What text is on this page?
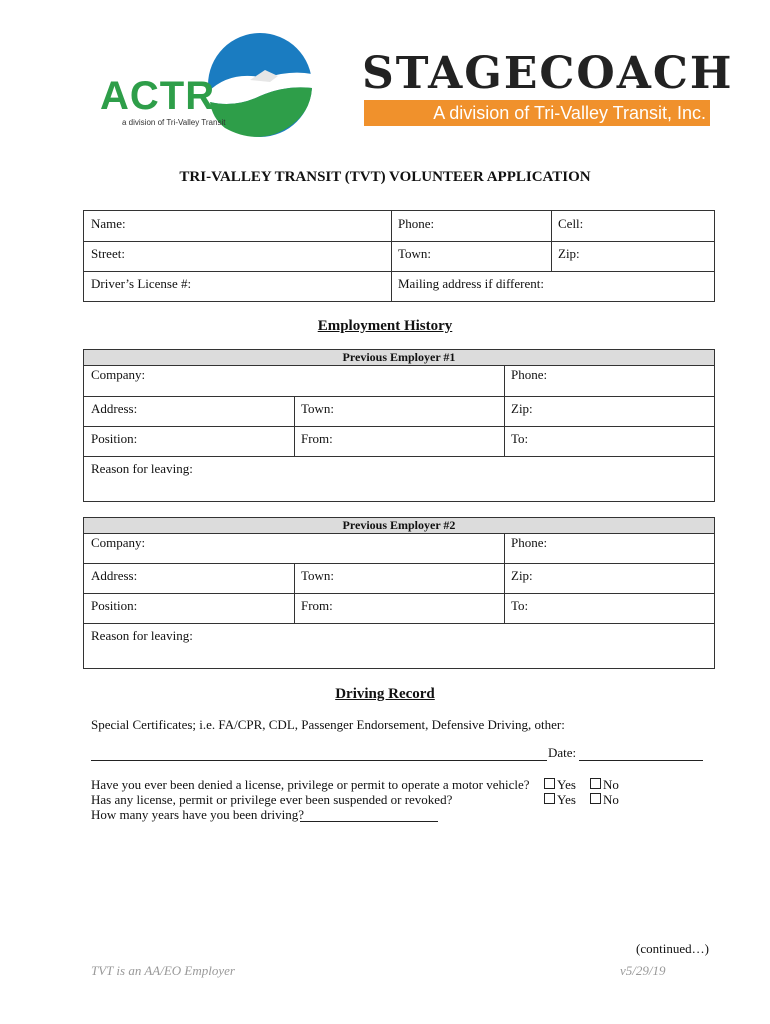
ACTR
a division of Tri-Valley Transit
STAGECOACH
A division of Tri-Valley Transit, Inc.
TRI-VALLEY TRANSIT (TVT) VOLUNTEER APPLICATION
Name:	Phone:	Cell:
Street:	Town:	Zip:
Driver’s License #:	Mailing address if different:
Employment History
Previous Employer #1
Company:	Phone:
Address:	Town:	Zip:
Position:	From:	To:
Reason for leaving:
Previous Employer #2
Company:	Phone:
Address:	Town:	Zip:
Position:	From:	To:
Reason for leaving:
Driving Record
Special Certificates; i.e. FA/CPR, CDL, Passenger Endorsement, Defensive Driving, other:
Date:
Have you ever been denied a license, privilege or permit to operate a motor vehicle?
Has any license, permit or privilege ever been suspended or revoked?
How many years have you been driving?
Yes	No
Yes	No
(continued…)
TVT is an AA/EO Employer	v5/29/19
